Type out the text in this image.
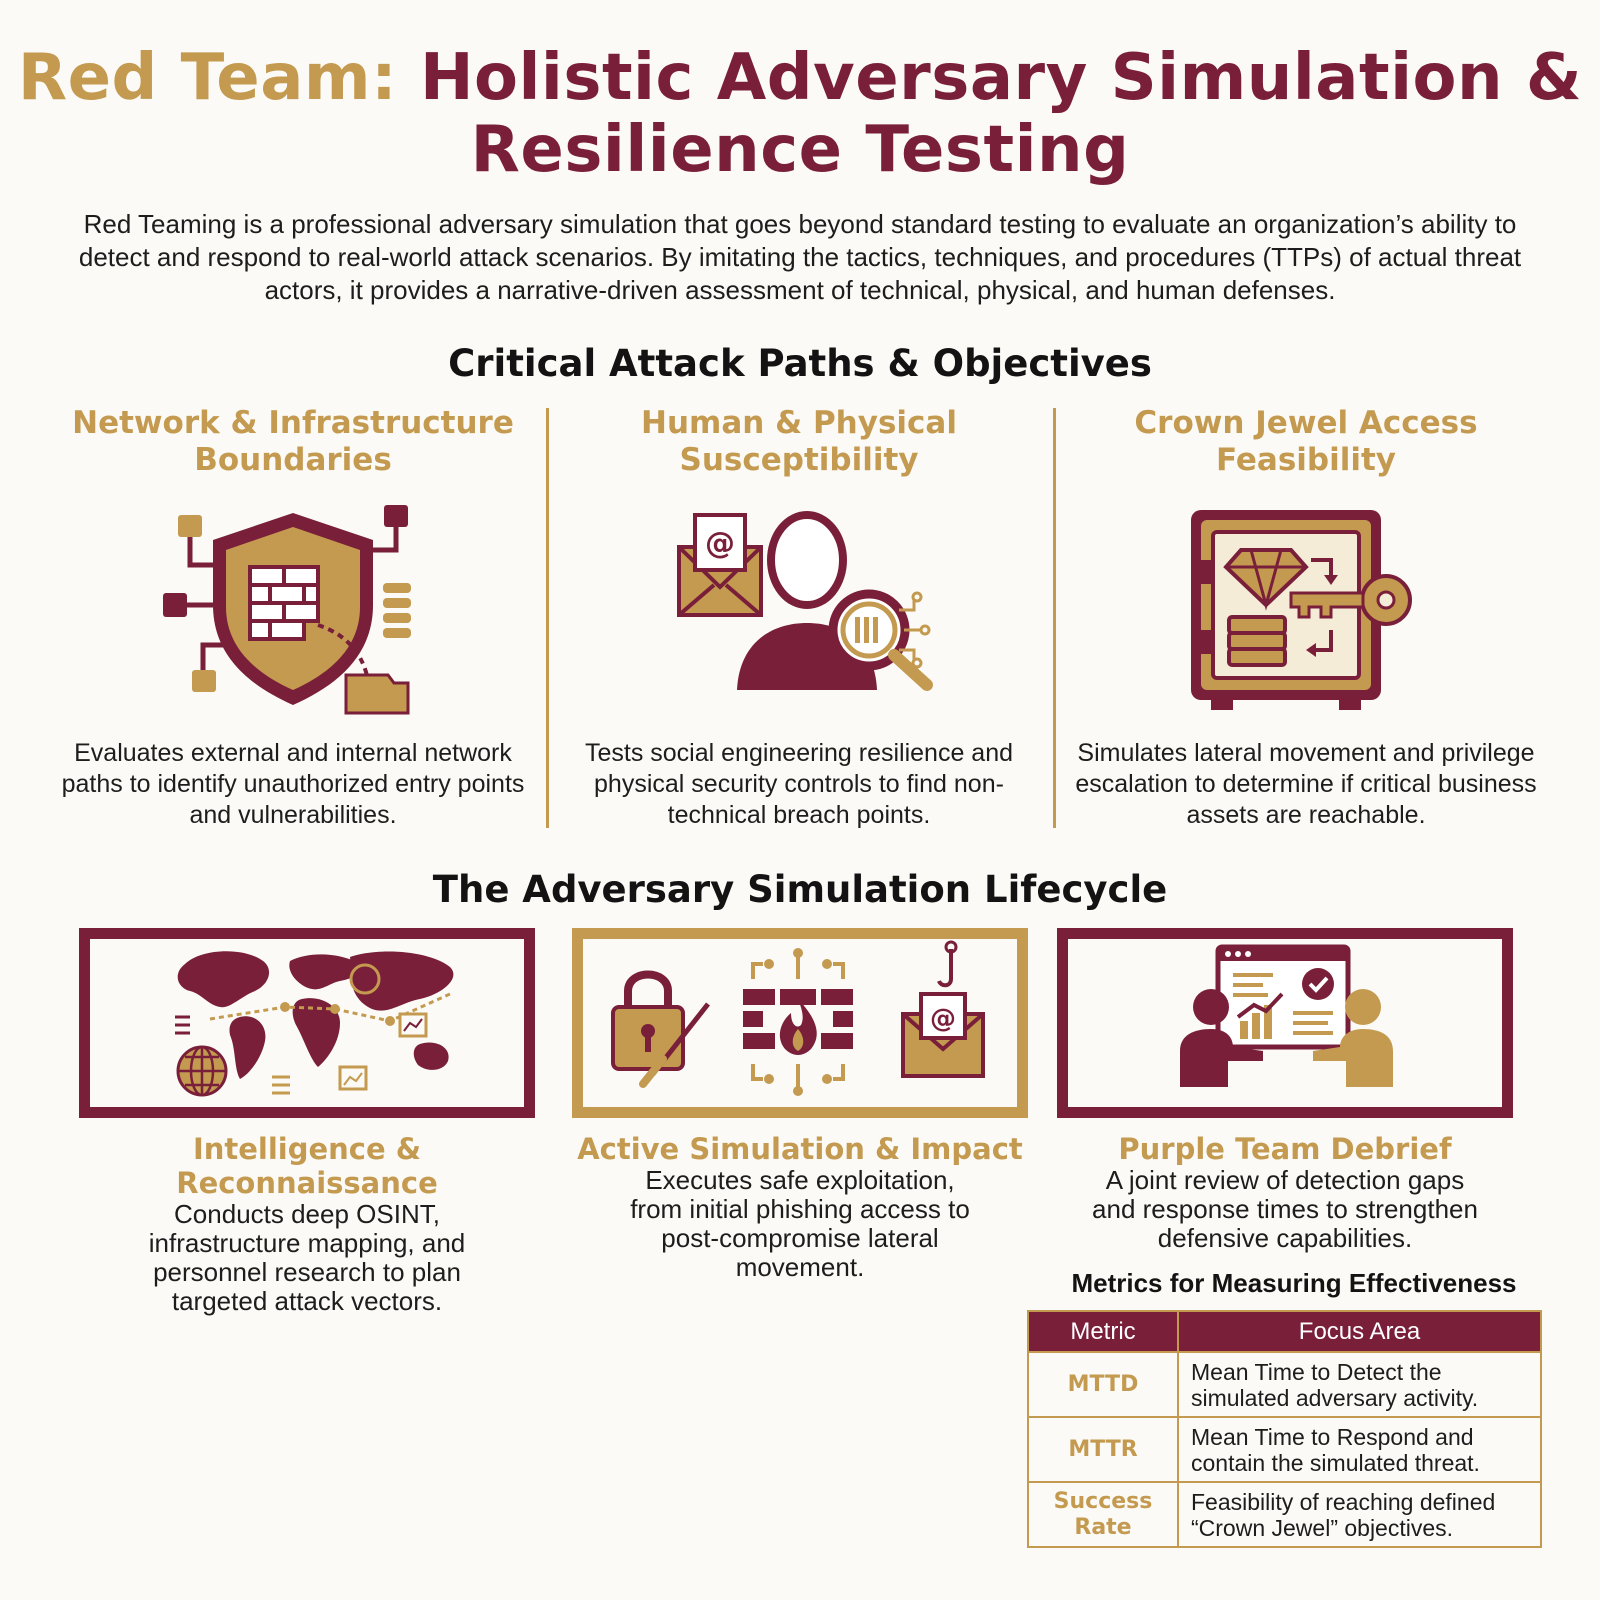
Red Team: Holistic Adversary Simulation & Resilience Testing

Red Teaming is a professional adversary simulation that goes beyond standard testing to evaluate an organization’s ability to detect and respond to real-world attack scenarios. By imitating the tactics, techniques, and procedures (TTPs) of actual threat actors, it provides a narrative-driven assessment of technical, physical, and human defenses.

Critical Attack Paths & Objectives
Network & Infrastructure
Boundaries

Evaluates external and internal network paths to identify unauthorized entry points and vulnerabilities.

Human & Physical
Susceptibility
@

Tests social engineering resilience and physical security controls to find non-technical breach points.

Crown Jewel Access
Feasibility

Simulates lateral movement and privilege escalation to determine if critical business assets are reachable.

The Adversary Simulation Lifecycle
@
Intelligence & Reconnaissance
Conducts deep OSINT,
infrastructure mapping, and
personnel research to plan
targeted attack vectors.
Active Simulation & Impact
Executes safe exploitation,
from initial phishing access to
post-compromise lateral
movement.
Purple Team Debrief
A joint review of detection gaps
and response times to strengthen
defensive capabilities.
Metrics for Measuring Effectiveness
Metric	Focus Area
MTTD	Mean Time to Detect the
simulated adversary activity.
MTTR	Mean Time to Respond and
contain the simulated threat.
Success
Rate	Feasibility of reaching defined
“Crown Jewel” objectives.
